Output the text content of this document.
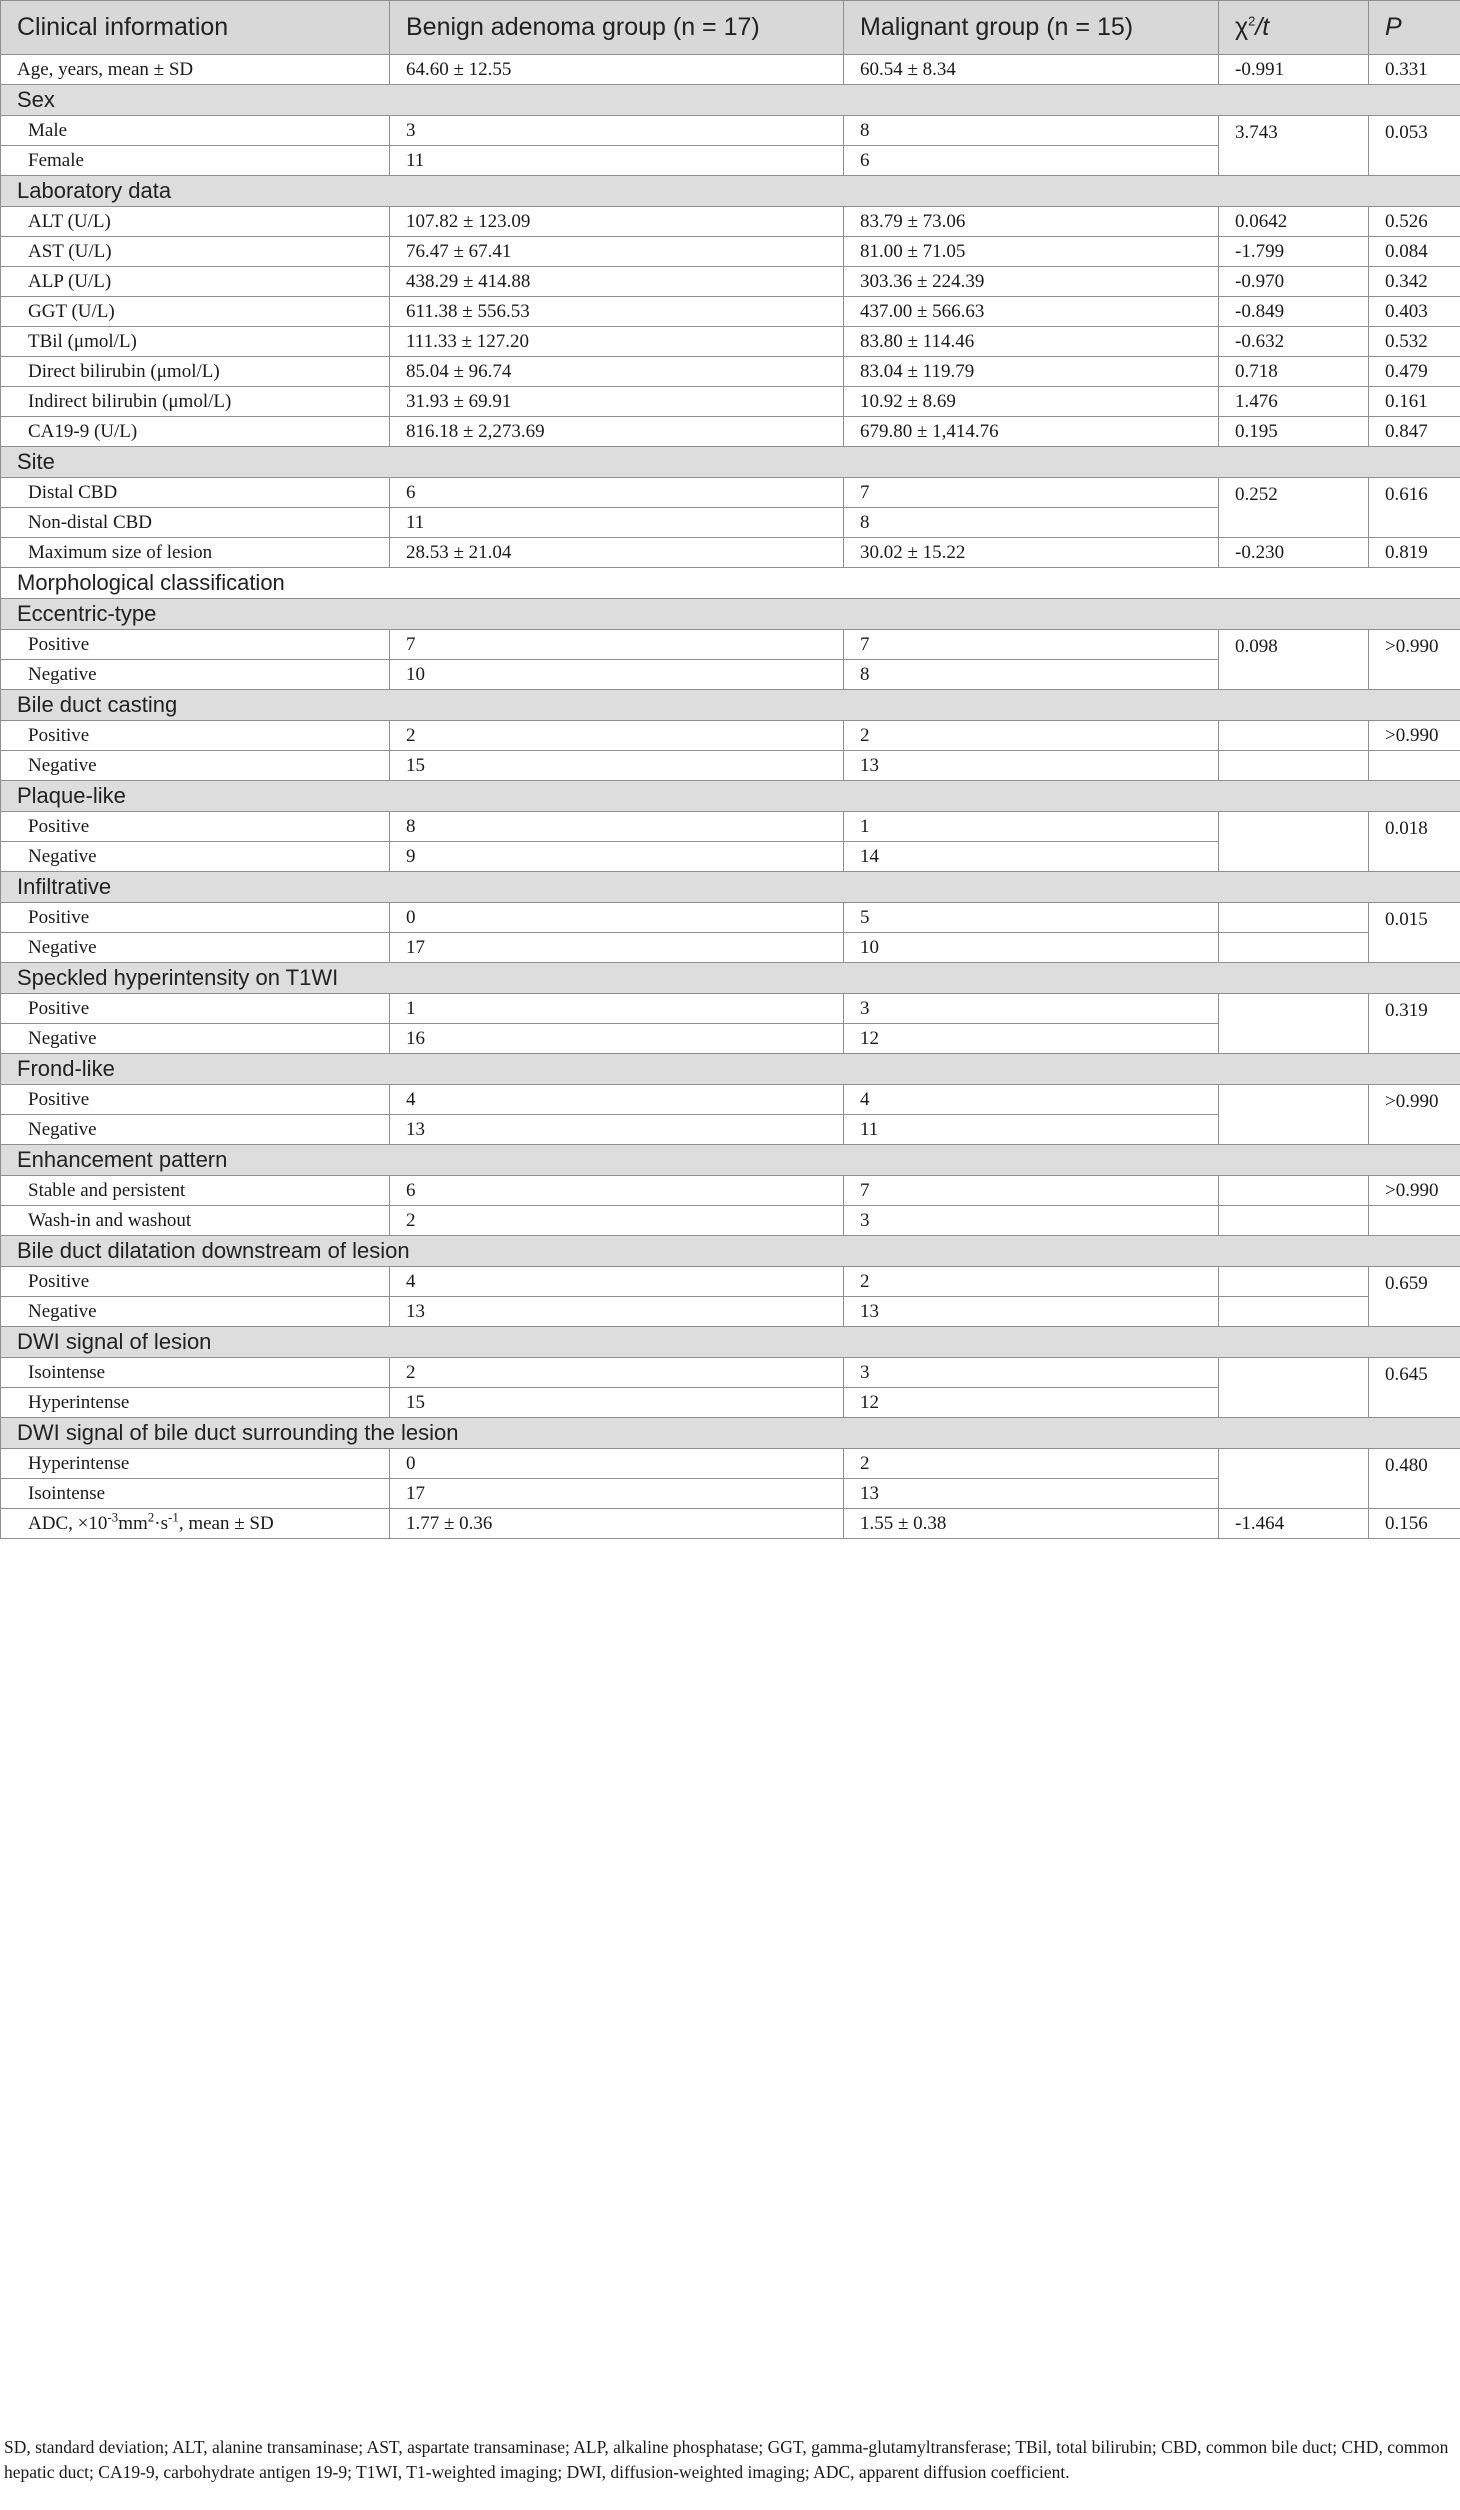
Clinical information	Benign adenoma group (n = 17)	Malignant group (n = 15)	$\chi^2/t$	P
Age, years, mean ± SD	64.60 ± 12.55	60.54 ± 8.34	-0.991	0.331
Sex				
Male	3	8	3.743	0.053
Female	11	6		
Laboratory data				
ALT (U/L)	107.82 ± 123.09	83.79 ± 73.06	0.0642	0.526
AST (U/L)	76.47 ± 67.41	81.00 ± 71.05	-1.799	0.084
ALP (U/L)	438.29 ± 414.88	303.36 ± 224.39	-0.970	0.342
GGT (U/L)	611.38 ± 556.53	437.00 ± 566.63	-0.849	0.403
TBil (μmol/L)	111.33 ± 127.20	83.80 ± 114.46	-0.632	0.532
Direct bilirubin (μmol/L)	85.04 ± 96.74	83.04 ± 119.79	0.718	0.479
Indirect bilirubin (μmol/L)	31.93 ± 69.91	10.92 ± 8.69	1.476	0.161
CA19-9 (U/L)	816.18 ± 2,273.69	679.80 ± 1,414.76	0.195	0.847
Site				
Distal CBD	6	7	0.252	0.616
Non-distal CBD	11	8		
Maximum size of lesion	28.53 ± 21.04	30.02 ± 15.22	-0.230	0.819
Morphological classification				
Eccentric-type				
Positive	7	7	0.098	>0.990
Negative	10	8		
Bile duct casting				
Positive	2	2		>0.990
Negative	15	13		
Plaque-like				
Positive	8	1		0.018
Negative	9	14		
Infiltrative				
Positive	0	5		0.015
Negative	17	10		
Speckled hyperintensity on T1WI				
Positive	1	3		0.319
Negative	16	12		
Frond-like				
Positive	4	4		>0.990
Negative	13	11		
Enhancement pattern				
Stable and persistent	6	7		>0.990
Wash-in and washout	2	3		
Bile duct dilatation downstream of lesion				
Positive	4	2		0.659
Negative	13	13		
DWI signal of lesion				
Isointense	2	3		0.645
Hyperintense	15	12		
DWI signal of bile duct surrounding the lesion				
Hyperintense	0	2		0.480
Isointense	17	13		
ADC, $\times 10^{-3}mm^2\cdot s^{-1}$, mean ± SD	1.77 ± 0.36	1.55 ± 0.38	-1.464	0.156
SD, standard deviation; ALT, alanine transaminase; AST, aspartate transaminase; ALP, alkaline phosphatase; GGT, gamma-glutamyltransferase; TBil, total bilirubin; CBD, common bile duct; CHD, common hepatic duct; CA19-9, carbohydrate antigen 19-9; T1WI, T1-weighted imaging; DWI, diffusion-weighted imaging; ADC, apparent diffusion coefficient.
